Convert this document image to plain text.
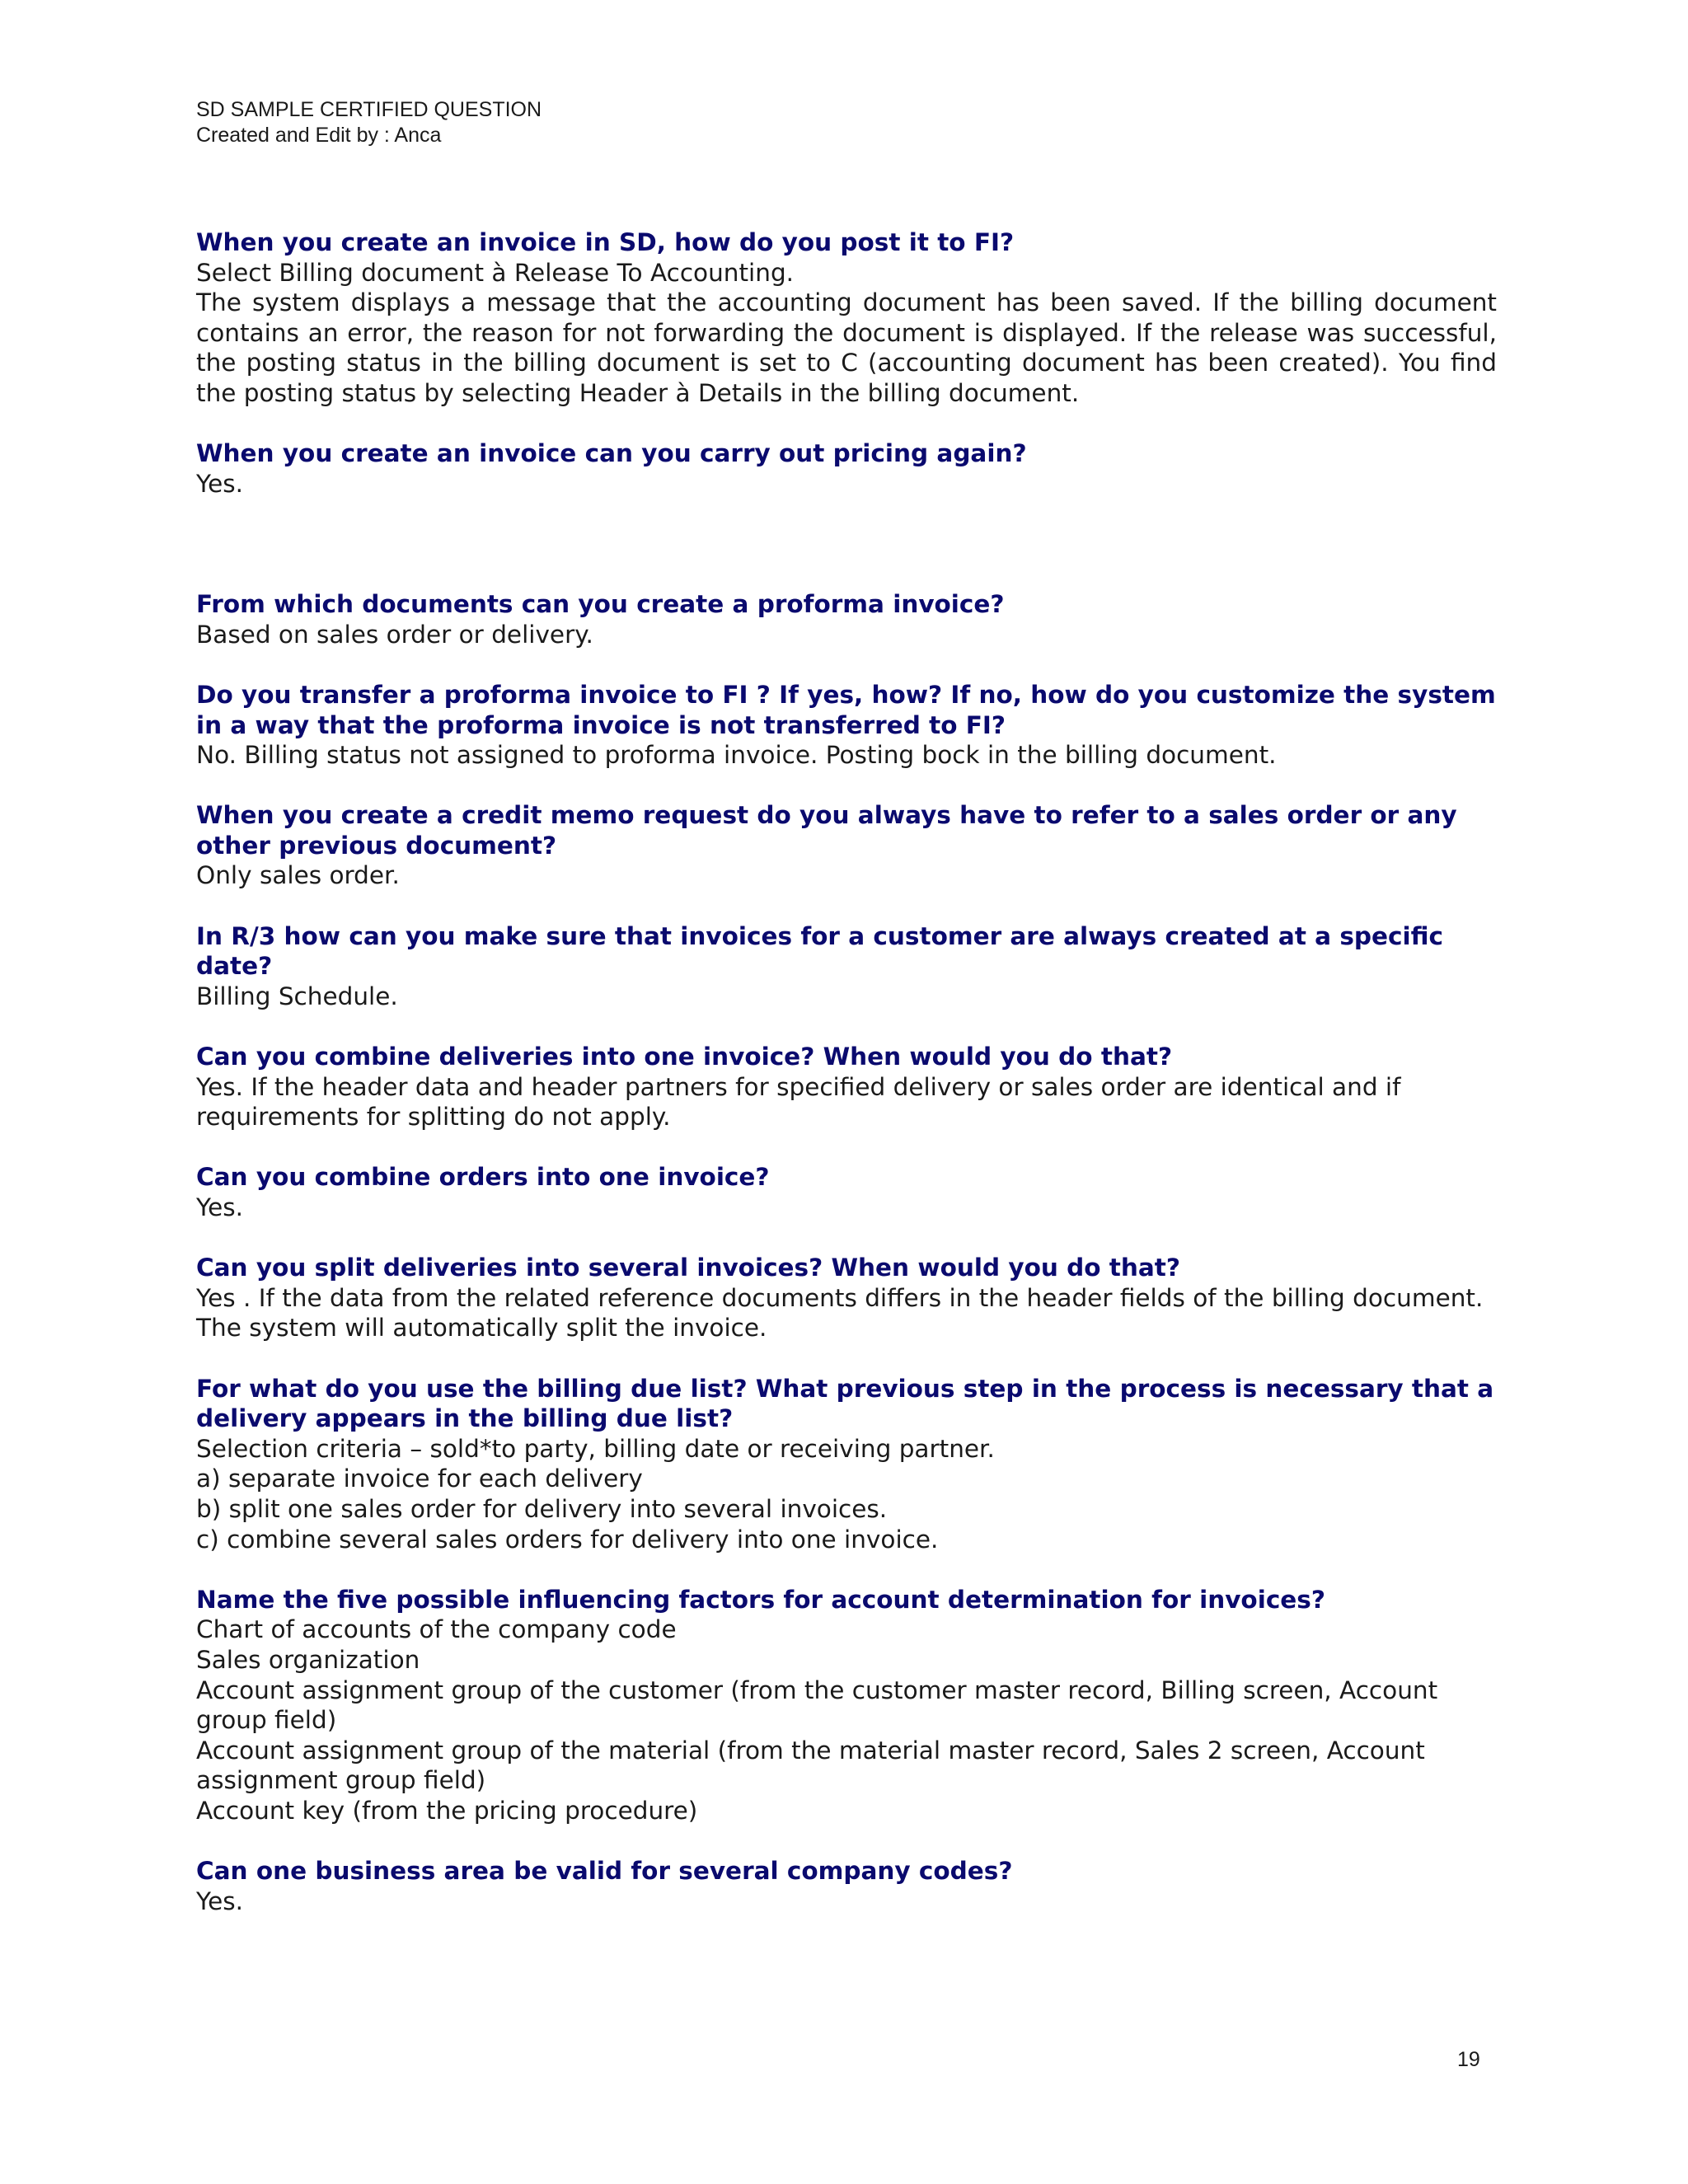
SD SAMPLE CERTIFIED QUESTION
Created and Edit by : Anca

When you create an invoice in SD, how do you post it to FI?

Select Billing document à Release To Accounting.

The system displays a message that the accounting document has been saved. If the billing document contains an error, the reason for not forwarding the document is displayed. If the release was successful, the posting status in the billing document is set to C (accounting document has been created). You find the posting status by selecting Header à Details in the billing document.

When you create an invoice can you carry out pricing again?

Yes.

From which documents can you create a proforma invoice?

Based on sales order or delivery.

Do you transfer a proforma invoice to FI ? If yes, how? If no, how do you customize the system in a way that the proforma invoice is not transferred to FI?

No. Billing status not assigned to proforma invoice. Posting bock in the billing document.

When you create a credit memo request do you always have to refer to a sales order or any other previous document?

Only sales order.

In R/3 how can you make sure that invoices for a customer are always created at a specific date?

Billing Schedule.

Can you combine deliveries into one invoice? When would you do that?

Yes. If the header data and header partners for specified delivery or sales order are identical and if requirements for splitting do not apply.

Can you combine orders into one invoice?

Yes.

Can you split deliveries into several invoices? When would you do that?

Yes . If the data from the related reference documents differs in the header fields of the billing document. The system will automatically split the invoice.

For what do you use the billing due list? What previous step in the process is necessary that a delivery appears in the billing due list?

Selection criteria – sold*to party, billing date or receiving partner.

a) separate invoice for each delivery

b) split one sales order for delivery into several invoices.

c) combine several sales orders for delivery into one invoice.

Name the five possible influencing factors for account determination for invoices?

Chart of accounts of the company code

Sales organization

Account assignment group of the customer (from the customer master record, Billing screen, Account group field)

Account assignment group of the material (from the material master record, Sales 2 screen, Account assignment group field)

Account key (from the pricing procedure)

Can one business area be valid for several company codes?

Yes.

19
